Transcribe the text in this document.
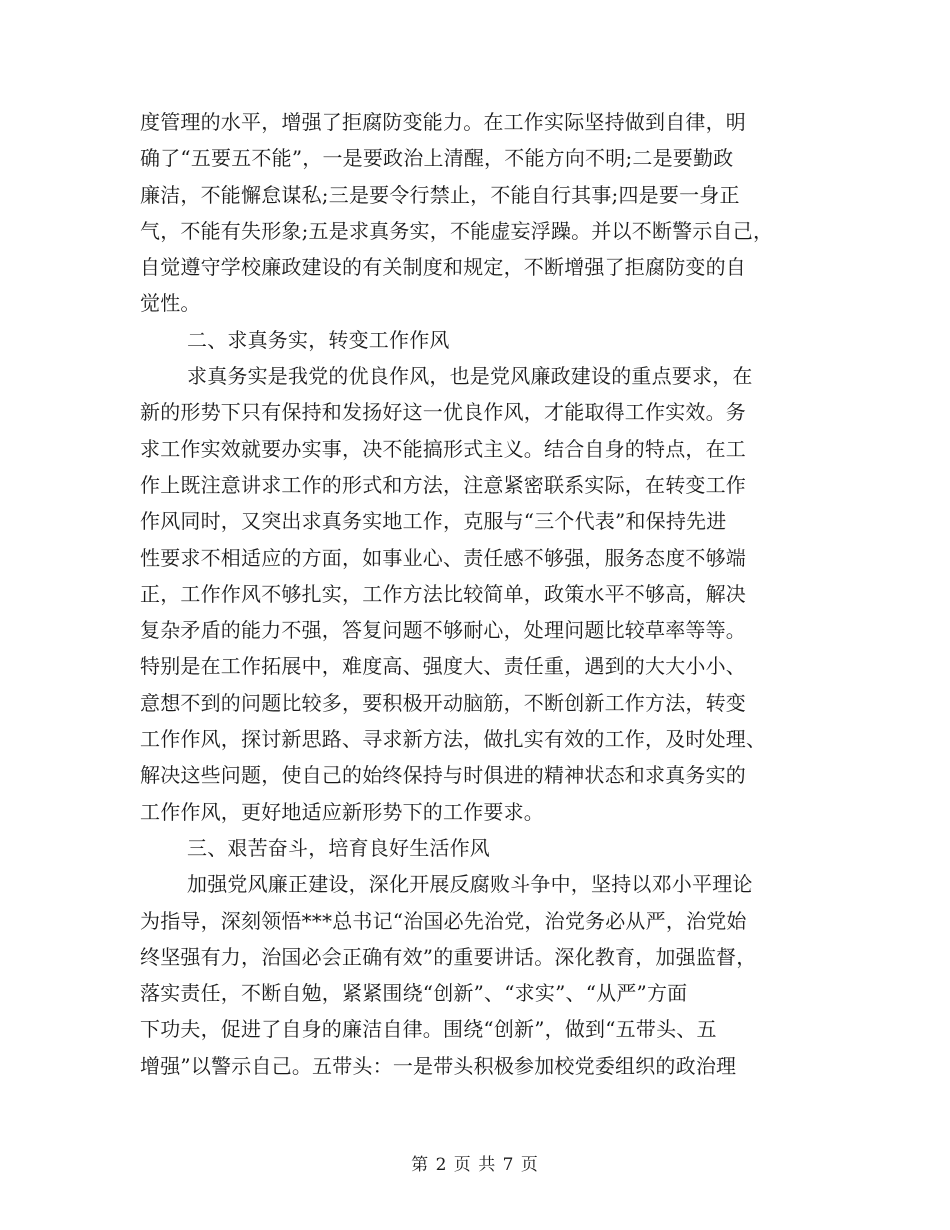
度管理的水平，增强了拒腐防变能力。在工作实际坚持做到自律，明
确了“五要五不能”，一是要政治上清醒，不能方向不明;二是要勤政
廉洁，不能懈怠谋私;三是要令行禁止，不能自行其事;四是要一身正
气，不能有失形象;五是求真务实，不能虚妄浮躁。并以不断警示自己，
自觉遵守学校廉政建设的有关制度和规定，不断增强了拒腐防变的自
觉性。
二、求真务实，转变工作作风
求真务实是我党的优良作风，也是党风廉政建设的重点要求，在
新的形势下只有保持和发扬好这一优良作风，才能取得工作实效。务
求工作实效就要办实事，决不能搞形式主义。结合自身的特点，在工
作上既注意讲求工作的形式和方法，注意紧密联系实际，在转变工作
作风同时，又突出求真务实地工作，克服与“三个代表”和保持先进
性要求不相适应的方面，如事业心、责任感不够强，服务态度不够端
正，工作作风不够扎实，工作方法比较简单，政策水平不够高，解决
复杂矛盾的能力不强，答复问题不够耐心，处理问题比较草率等等。
特别是在工作拓展中，难度高、强度大、责任重，遇到的大大小小、
意想不到的问题比较多，要积极开动脑筋，不断创新工作方法，转变
工作作风，探讨新思路、寻求新方法，做扎实有效的工作，及时处理、
解决这些问题，使自己的始终保持与时俱进的精神状态和求真务实的
工作作风，更好地适应新形势下的工作要求。
三、艰苦奋斗，培育良好生活作风
加强党风廉正建设，深化开展反腐败斗争中，坚持以邓小平理论
为指导，深刻领悟***总书记“治国必先治党，治党务必从严，治党始
终坚强有力，治国必会正确有效”的重要讲话。深化教育，加强监督，
落实责任，不断自勉，紧紧围绕“创新”、“求实”、“从严”方面
下功夫，促进了自身的廉洁自律。围绕“创新”，做到“五带头、五
增强”以警示自己。五带头：一是带头积极参加校党委组织的政治理
第 2 页 共 7 页
